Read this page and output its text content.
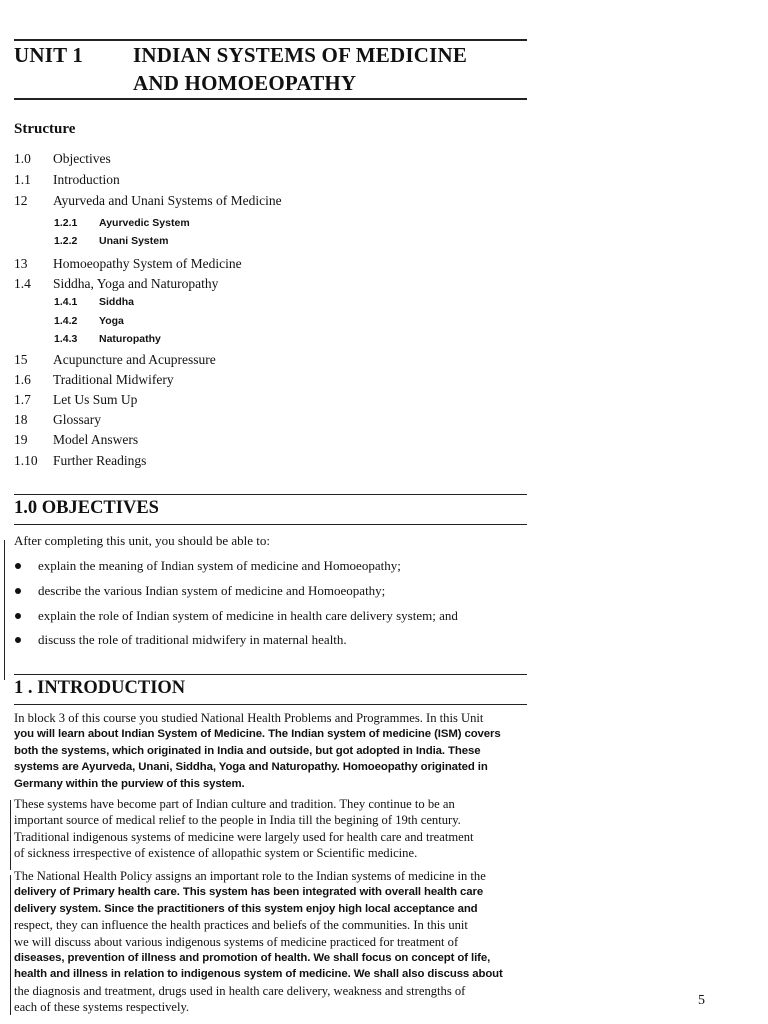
UNIT 1 INDIAN SYSTEMS OF MEDICINE
AND HOMOEOPATHY
Structure
1.0 Objectives
1.1 Introduction
12 Ayurveda and Unani Systems of Medicine
1.2.1 Ayurvedic System
1.2.2 Unani System
13 Homoeopathy System of Medicine
1.4 Siddha, Yoga and Naturopathy
1.4.1 Siddha
1.4.2 Yoga
1.4.3 Naturopathy
15 Acupuncture and Acupressure
1.6 Traditional Midwifery
1.7 Let Us Sum Up
18 Glossary
19 Model Answers
1.10 Further Readings
1.0 OBJECTIVES
After completing this unit, you should be able to:
explain the meaning of Indian system of medicine and Homoeopathy;
describe the various Indian system of medicine and Homoeopathy;
explain the role of Indian system of medicine in health care delivery system; and
discuss the role of traditional midwifery in maternal health.
1 . INTRODUCTION
In block 3 of this course you studied National Health Problems and Programmes. In this Unit
you will learn about Indian System of Medicine. The Indian system of medicine (ISM) covers
both the systems, which originated in India and outside, but got adopted in India. These
systems are Ayurveda, Unani, Siddha, Yoga and Naturopathy. Homoeopathy originated in
Germany within the purview of this system.
These systems have become part of Indian culture and tradition. They continue to be an
important source of medical relief to the people in India till the begining of 19th century.
Traditional indigenous systems of medicine were largely used for health care and treatment
of sickness irrespective of existence of allopathic system or Scientific medicine.
The National Health Policy assigns an important role to the Indian systems of medicine in the
delivery of Primary health care. This system has been integrated with overall health care
delivery system. Since the practitioners of this system enjoy high local acceptance and
respect, they can influence the health practices and beliefs of the communities. In this unit
we will discuss about various indigenous systems of medicine practiced for treatment of
diseases, prevention of illness and promotion of health. We shall focus on concept of life,
health and illness in relation to indigenous system of medicine. We shall also discuss about
the diagnosis and treatment, drugs used in health care delivery, weakness and strengths of
each of these systems respectively.	5
